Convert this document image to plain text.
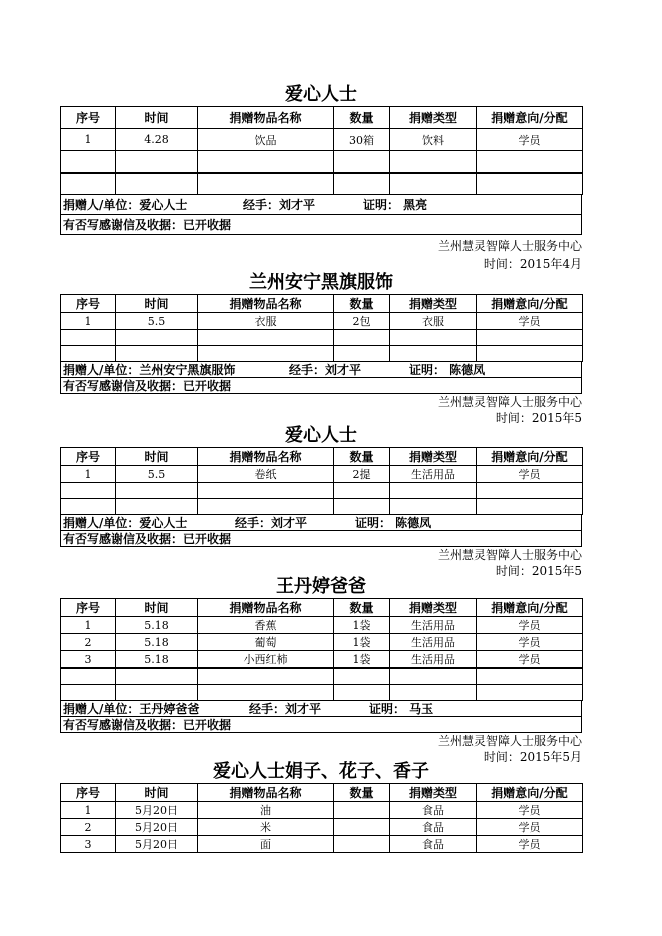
爱心人士
序号	时间	捐赠物品名称	数量	捐赠类型	捐赠意向/分配
1	4.28	饮品	30箱	饮料	学员

捐赠人/单位：爱心人士	经手：刘才平	证明： 黑亮
有否写感谢信及收据：已开收据
兰州慧灵智障人士服务中心
时间：2015年4月
兰州安宁黑旗服饰
序号	时间	捐赠物品名称	数量	捐赠类型	捐赠意向/分配
1	5.5	衣服	2包	衣服	学员

捐赠人/单位：兰州安宁黑旗服饰	经手：刘才平	证明： 陈德凤
有否写感谢信及收据：已开收据
兰州慧灵智障人士服务中心
时间：2015年5
爱心人士
序号	时间	捐赠物品名称	数量	捐赠类型	捐赠意向/分配
1	5.5	卷纸	2提	生活用品	学员

捐赠人/单位：爱心人士	经手：刘才平	证明： 陈德凤
有否写感谢信及收据：已开收据
兰州慧灵智障人士服务中心
时间：2015年5
王丹婷爸爸
序号	时间	捐赠物品名称	数量	捐赠类型	捐赠意向/分配
1	5.18	香蕉	1袋	生活用品	学员
2	5.18	葡萄	1袋	生活用品	学员
3	5.18	小西红柿	1袋	生活用品	学员

捐赠人/单位：王丹婷爸爸	经手：刘才平	证明： 马玉
有否写感谢信及收据：已开收据
兰州慧灵智障人士服务中心
时间：2015年5月
爱心人士娟子、花子、香子
序号	时间	捐赠物品名称	数量	捐赠类型	捐赠意向/分配
1	5月20日	油		食品	学员
2	5月20日	米		食品	学员
3	5月20日	面		食品	学员
